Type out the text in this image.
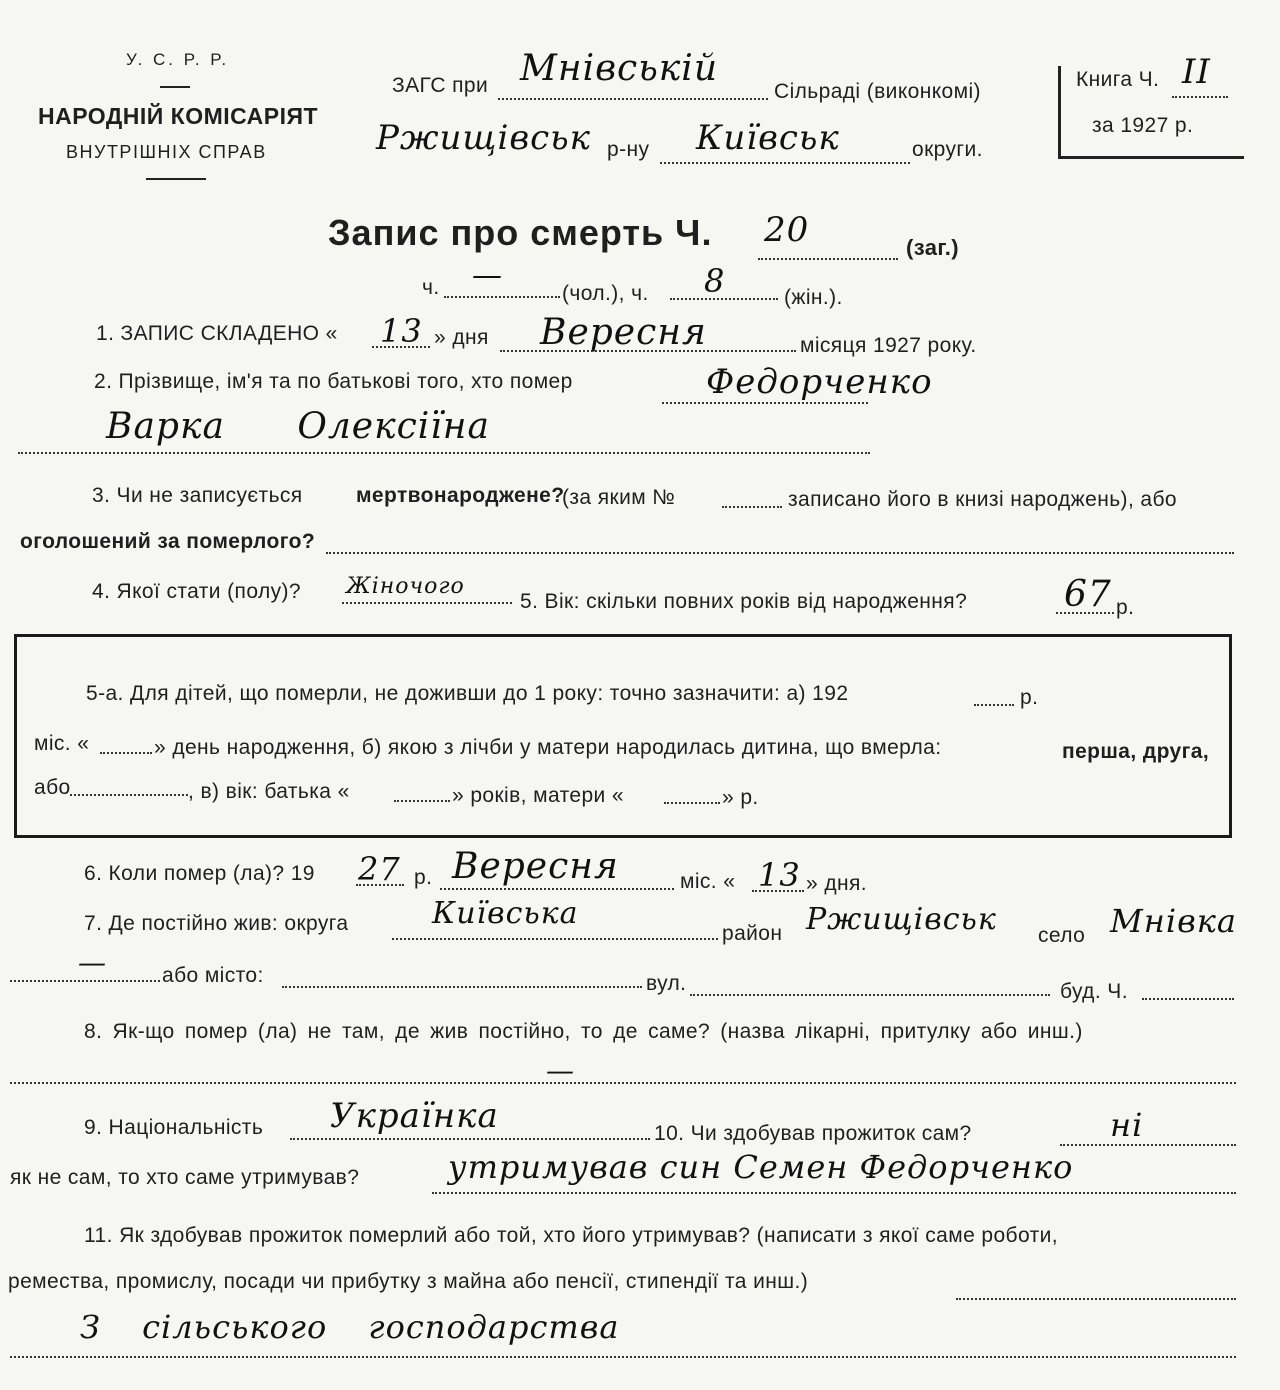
У. С. Р. Р.
НАРОДНІЙ КОМІСАРІЯТ
ВНУТРІШНІХ СПРАВ
ЗАГС при Мнівській
Сільраді (виконкомі)
Ржищівськ р-ну Київськ	округи.
Книга Ч. II
за 1927 р.
Запис про смерть Ч. 20	(заг.)
ч. —
(чол.), ч. 8	(жін.).
1. ЗАПИС СКЛАДЕНО « 13 » дня Вересня	місяця 1927 року.
2. Прізвище, ім'я та по батькові того, хто помер	Федорченко
Варка Олексіїна
3. Чи не записується	мертвонароджене?
(за яким №	записано його в книзі народжень), або
оголошений за померлого?
4. Якої стати (полу)? Жіночого
5. Вік: скільки повних років від народження?	67 р.
5-а. Для дітей, що померли, не доживши до 1 року: точно зазначити: а) 192	р.
міс. «	» день народження, б) якою з лічби у матери народилась дитина, що вмерла:	перша, друга,
або	, в) вік: батька «	» років, матери «	» р.
6. Коли помер (ла)? 19 27 р. Вересня	міс. « 13 » дня.
7. Де постійно жив: округа	Київська
район Ржищівськ село Мнівка
—	або місто:	вул.	буд. Ч.
8. Як-що помер (ла) не там, де жив постійно, то де саме? (назва лікарні, притулку або инш.)
—
9. Національність Українка	10. Чи здобував прожиток сам?	ні
як не сам, то хто саме утримував?	утримував син Семен Федорченко
11. Як здобував прожиток померлий або той, хто його утримував? (написати з якої саме роботи,
ремества, промислу, посади чи прибутку з майна або пенсії, стипендії та инш.)
З сільського господарства
